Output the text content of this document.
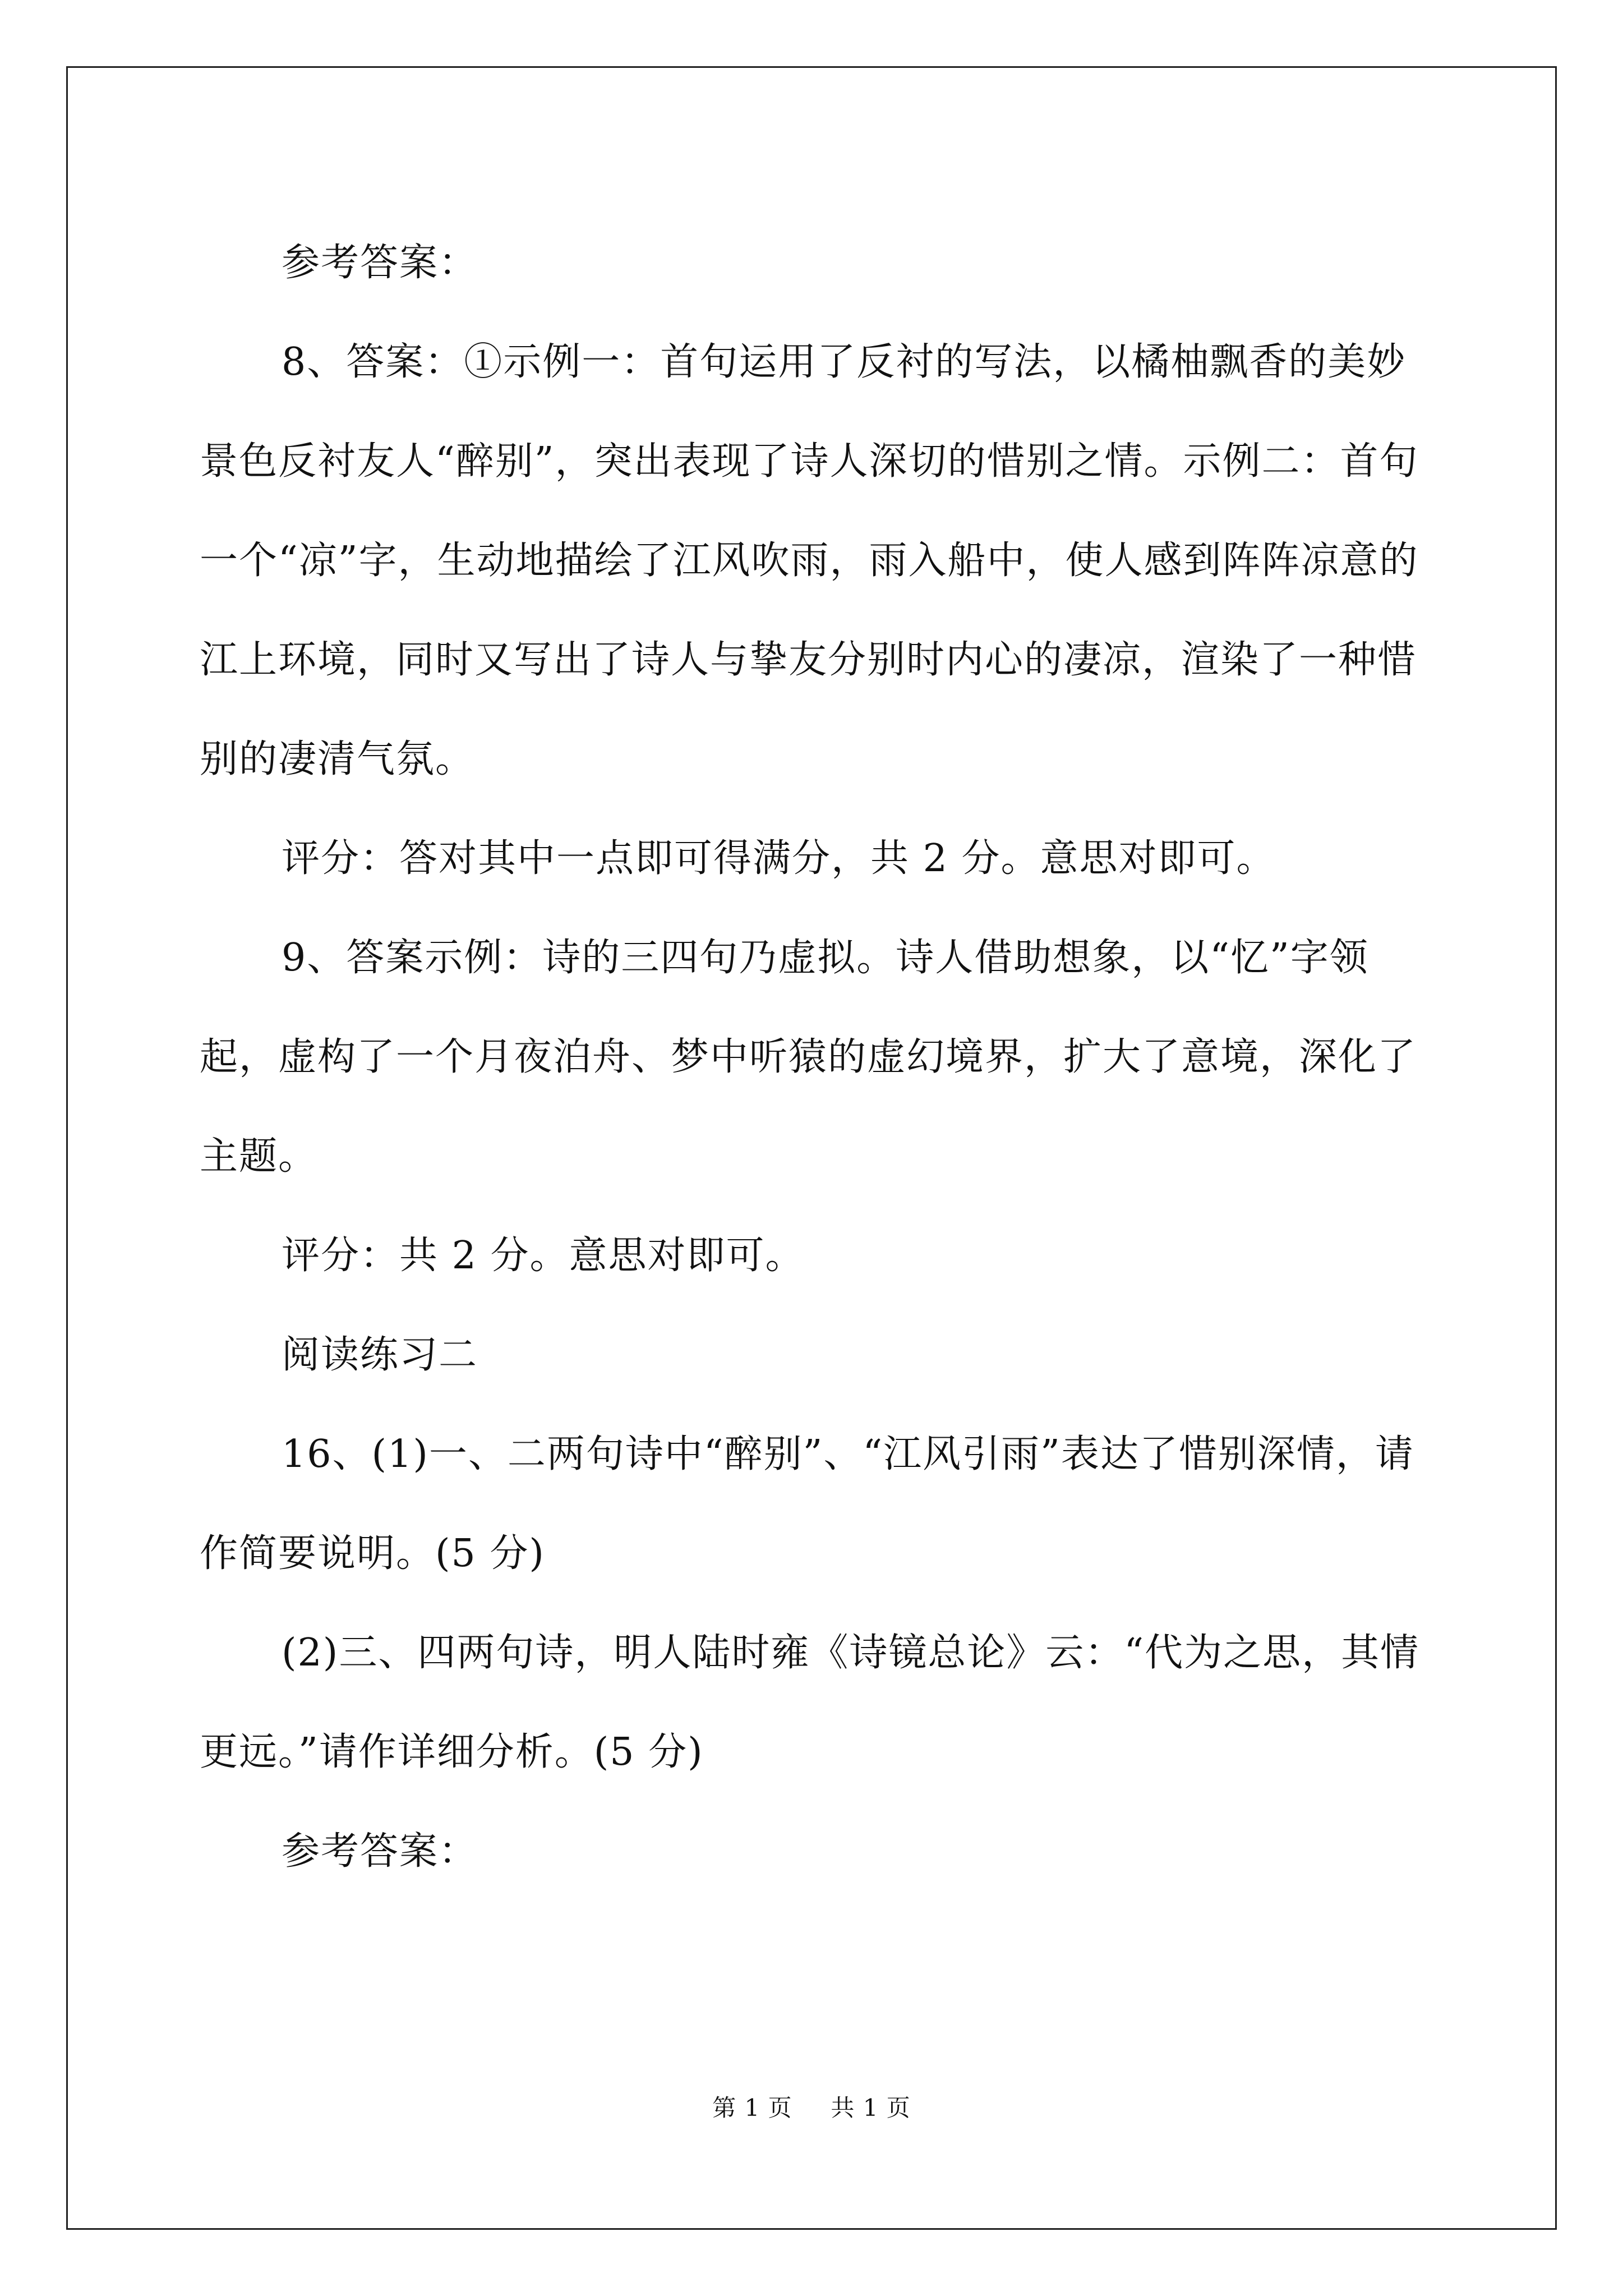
参考答案：

8、答案：①示例一：首句运用了反衬的写法，以橘柚飘香的美妙景色反衬友人“醉别”，突出表现了诗人深切的惜别之情。示例二：首句一个“凉”字，生动地描绘了江风吹雨，雨入船中，使人感到阵阵凉意的江上环境，同时又写出了诗人与挚友分别时内心的凄凉，渲染了一种惜别的凄清气氛。

评分：答对其中一点即可得满分，共 2 分。意思对即可。

9、答案示例：诗的三四句乃虚拟。诗人借助想象，以“忆”字领起，虚构了一个月夜泊舟、梦中听猿的虚幻境界，扩大了意境，深化了主题。

评分：共 2 分。意思对即可。

阅读练习二

16、(1)一、二两句诗中“醉别”、“江风引雨”表达了惜别深情，请作简要说明。(5 分)

(2)三、四两句诗，明人陆时雍《诗镜总论》云：“代为之思，其情更远。”请作详细分析。(5 分)

参考答案：

第 1 页 共 1 页
